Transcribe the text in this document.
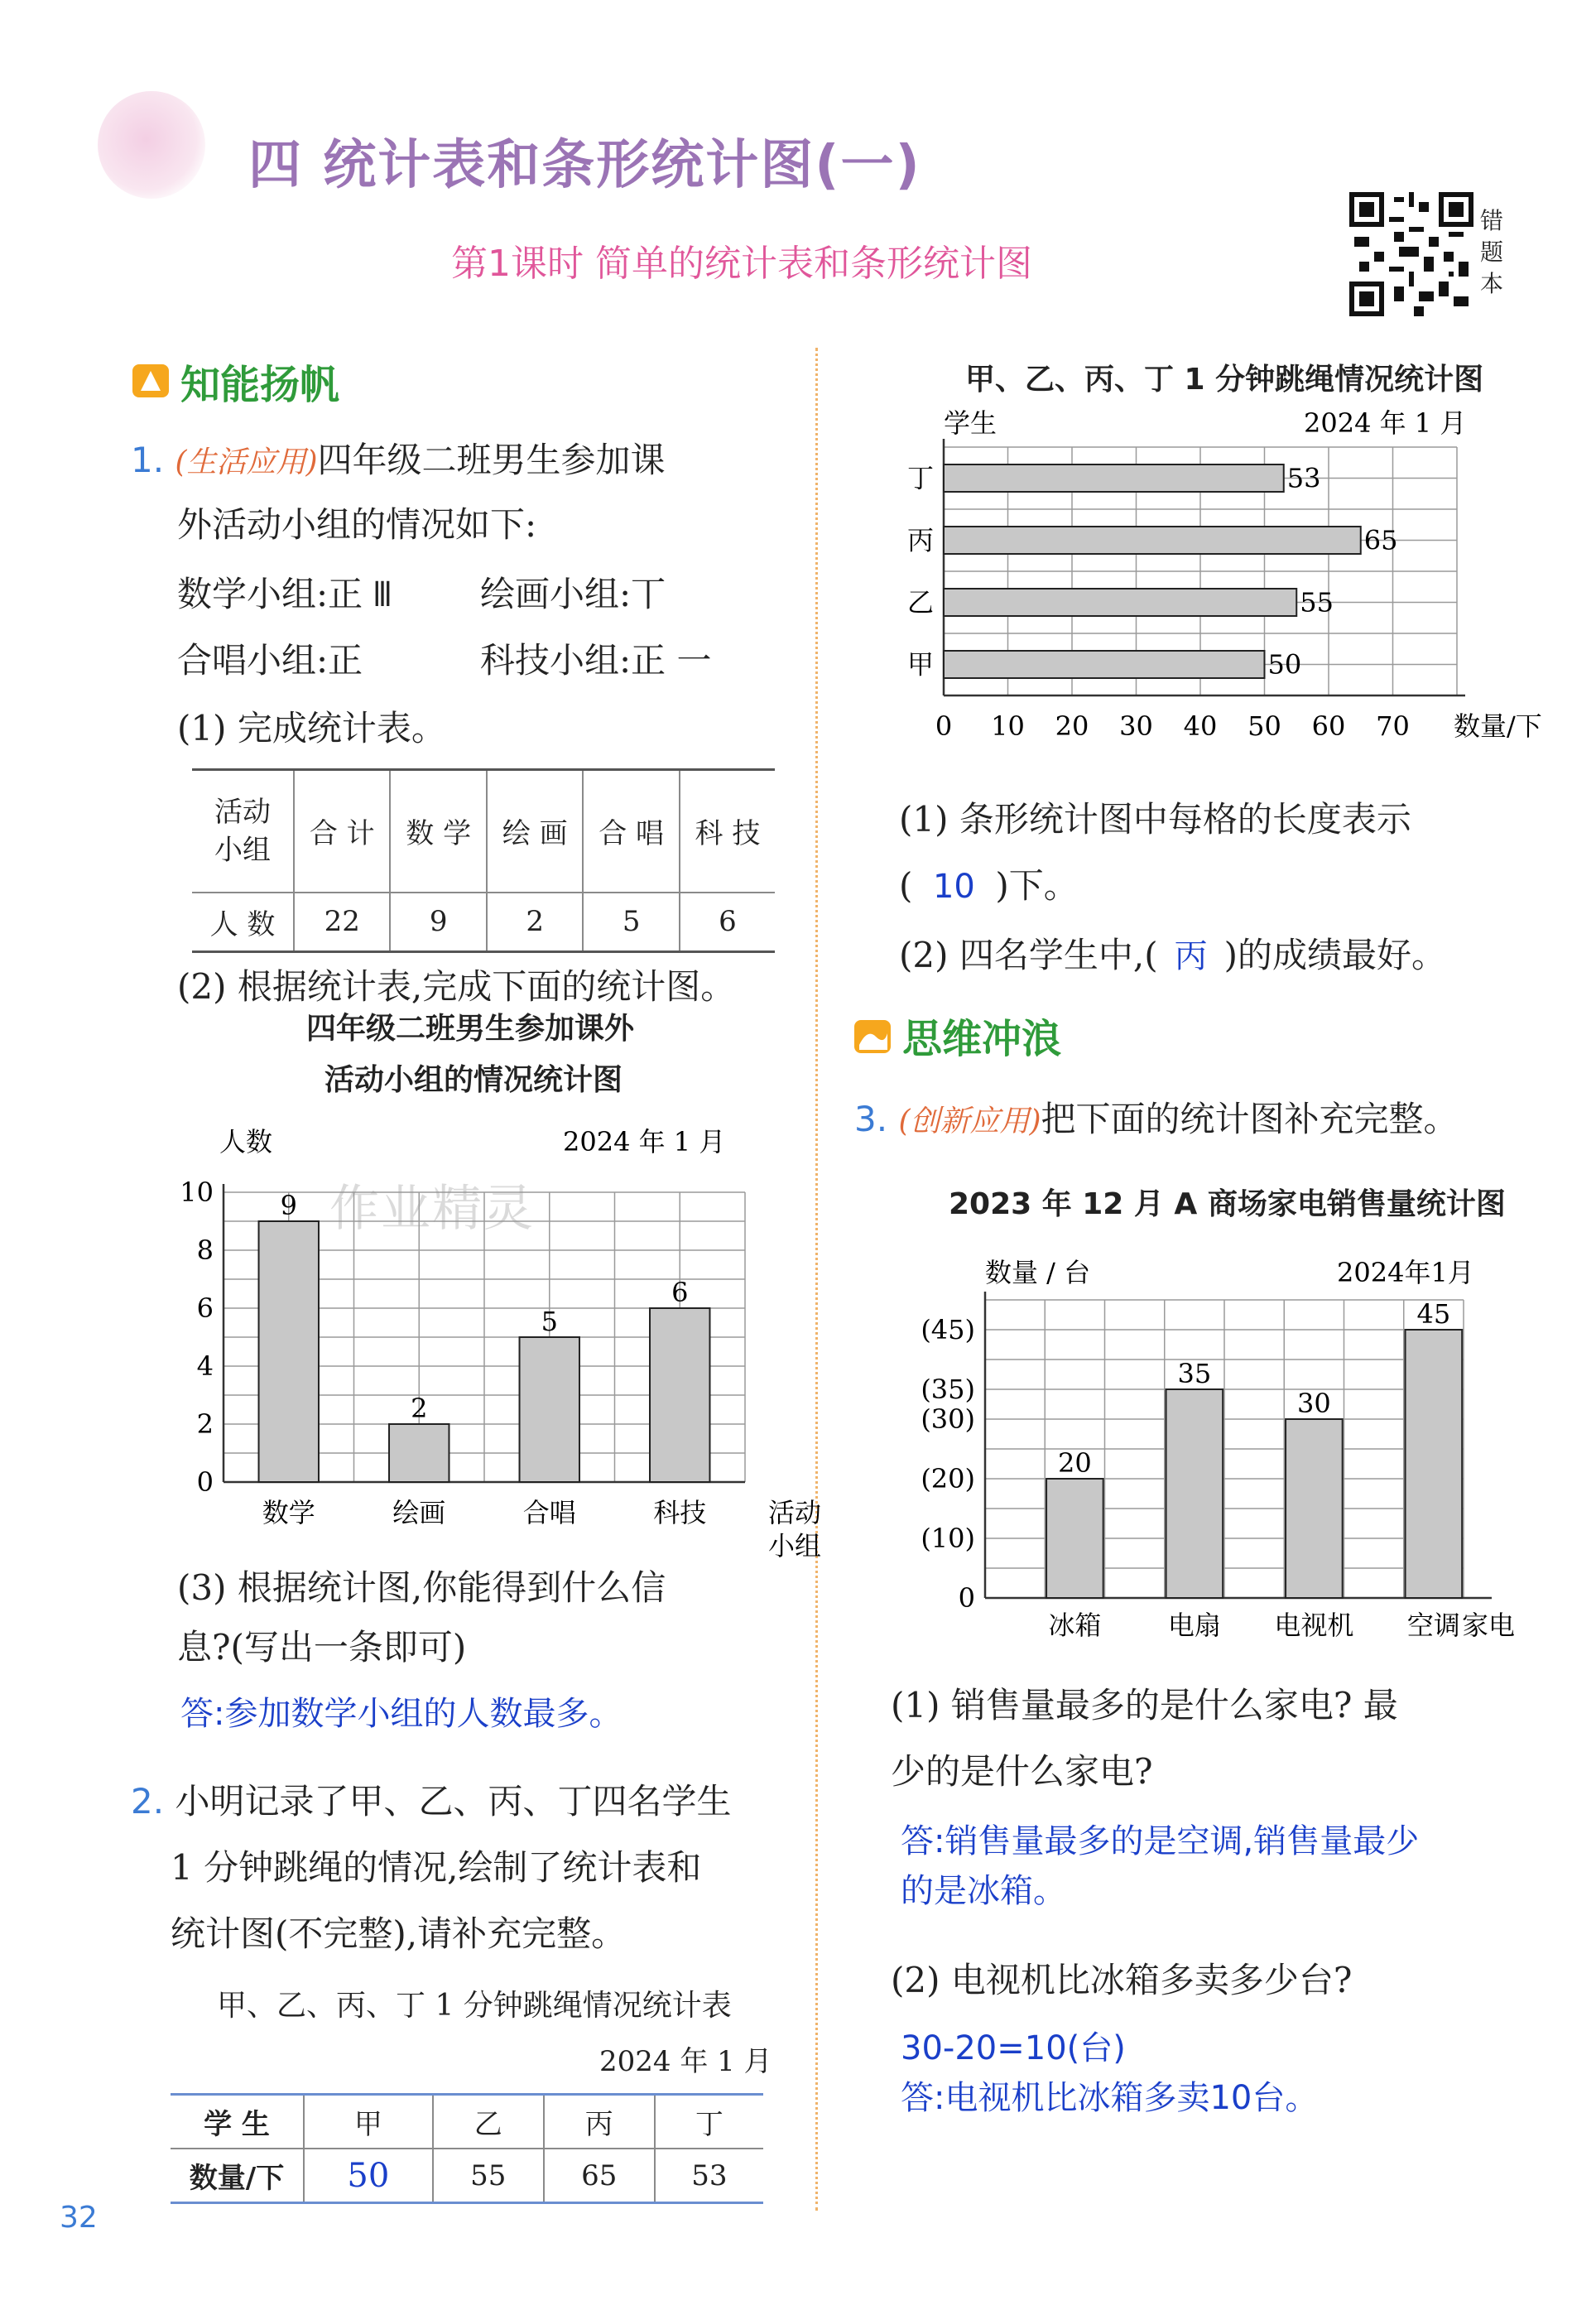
四 统计表和条形统计图(一)
第1课时 简单的统计表和条形统计图
错
题
本
知能扬帆
1. (生活应用)四年级二班男生参加课
外活动小组的情况如下:
数学小组:正 𝍫	绘画小组:丅
合唱小组:正	科技小组:正 一
(1) 完成统计表。
活动
小组	合 计	数 学	绘 画	合 唱	科 技
人 数	22	9	2	5	6
(2) 根据统计表,完成下面的统计图。
四年级二班男生参加课外
活动小组的情况统计图
0
2
4
6
8
10
人数	2024 年 1 月
9
数学
2
绘画
5
合唱
6
科技 活动
小组
作业精灵
(3) 根据统计图,你能得到什么信
息?(写出一条即可)
答:参加数学小组的人数最多。
2. 小明记录了甲、乙、丙、丁四名学生
1 分钟跳绳的情况,绘制了统计表和
统计图(不完整),请补充完整。
甲、乙、丙、丁 1 分钟跳绳情况统计表
2024 年 1 月
学 生	甲	乙	丙	丁
数量/下	50	55	65	53
32
甲、乙、丙、丁 1 分钟跳绳情况统计图
学生	2024 年 1 月
0 10 20 30 40 50 60 70 数量/下
53
丁
65
丙
55
乙
50
甲
(1) 条形统计图中每格的长度表示
( 10 )下。
(2) 四名学生中,( 丙 )的成绩最好。
思维冲浪
3. (创新应用)把下面的统计图补充完整。
2023 年 12 月 A 商场家电销售量统计图
数量 / 台	2024年1月
0
(10)
(20)
(30)
(35)
(45)
20
冰箱
35
电扇
30
电视机
45
空调 家电
(1) 销售量最多的是什么家电? 最
少的是什么家电?
答:销售量最多的是空调,销售量最少
的是冰箱。
(2) 电视机比冰箱多卖多少台?
30-20=10(台)
答:电视机比冰箱多卖10台。
